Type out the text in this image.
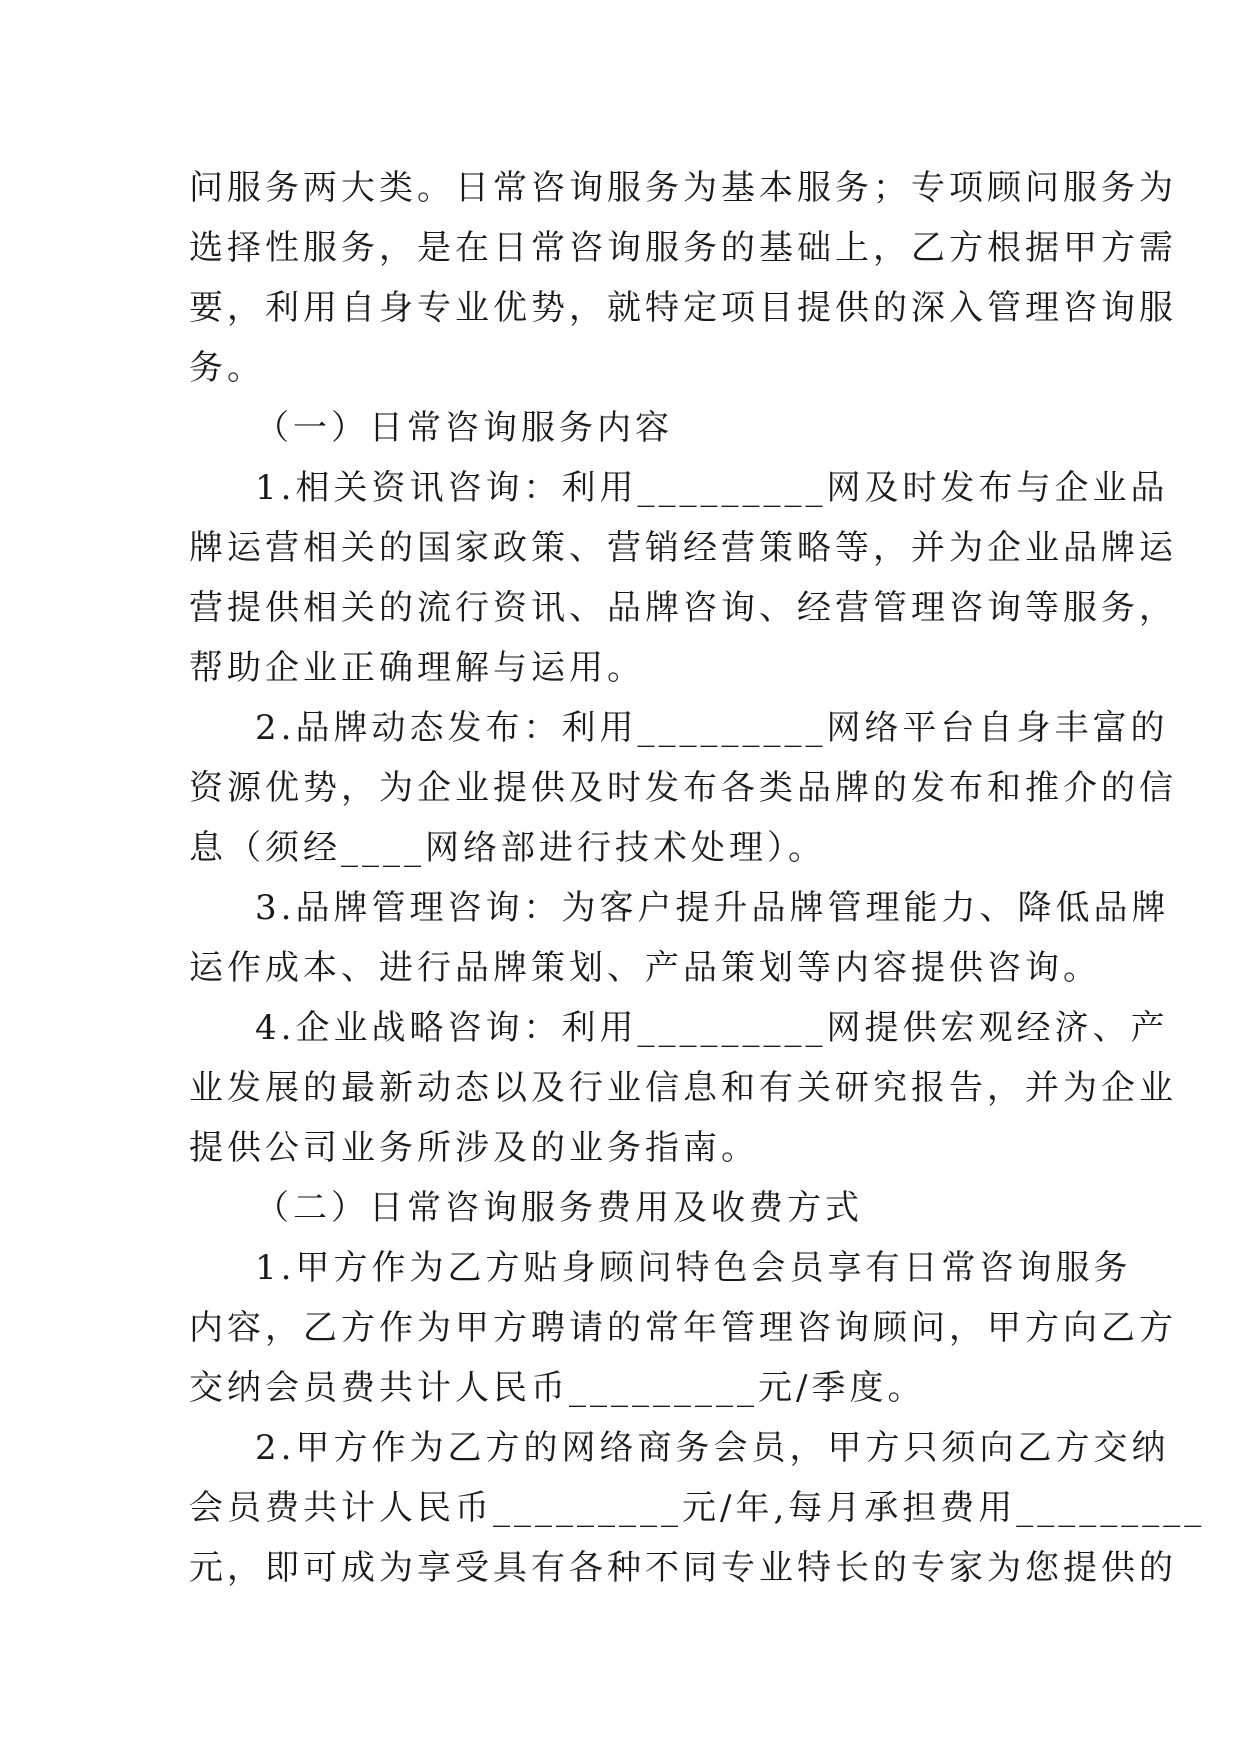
问服务两大类。日常咨询服务为基本服务；专项顾问服务为
选择性服务，是在日常咨询服务的基础上，乙方根据甲方需
要，利用自身专业优势，就特定项目提供的深入管理咨询服
务。
（一）日常咨询服务内容
1.相关资讯咨询：利用_________网及时发布与企业品
牌运营相关的国家政策、营销经营策略等，并为企业品牌运
营提供相关的流行资讯、品牌咨询、经营管理咨询等服务，
帮助企业正确理解与运用。
2.品牌动态发布：利用_________网络平台自身丰富的
资源优势，为企业提供及时发布各类品牌的发布和推介的信
息（须经____网络部进行技术处理）。
3.品牌管理咨询：为客户提升品牌管理能力、降低品牌
运作成本、进行品牌策划、产品策划等内容提供咨询。
4.企业战略咨询：利用_________网提供宏观经济、产
业发展的最新动态以及行业信息和有关研究报告，并为企业
提供公司业务所涉及的业务指南。
（二）日常咨询服务费用及收费方式
1.甲方作为乙方贴身顾问特色会员享有日常咨询服务
内容，乙方作为甲方聘请的常年管理咨询顾问，甲方向乙方
交纳会员费共计人民币_________元/季度。
2.甲方作为乙方的网络商务会员，甲方只须向乙方交纳
会员费共计人民币_________元/年,每月承担费用_________
元，即可成为享受具有各种不同专业特长的专家为您提供的
